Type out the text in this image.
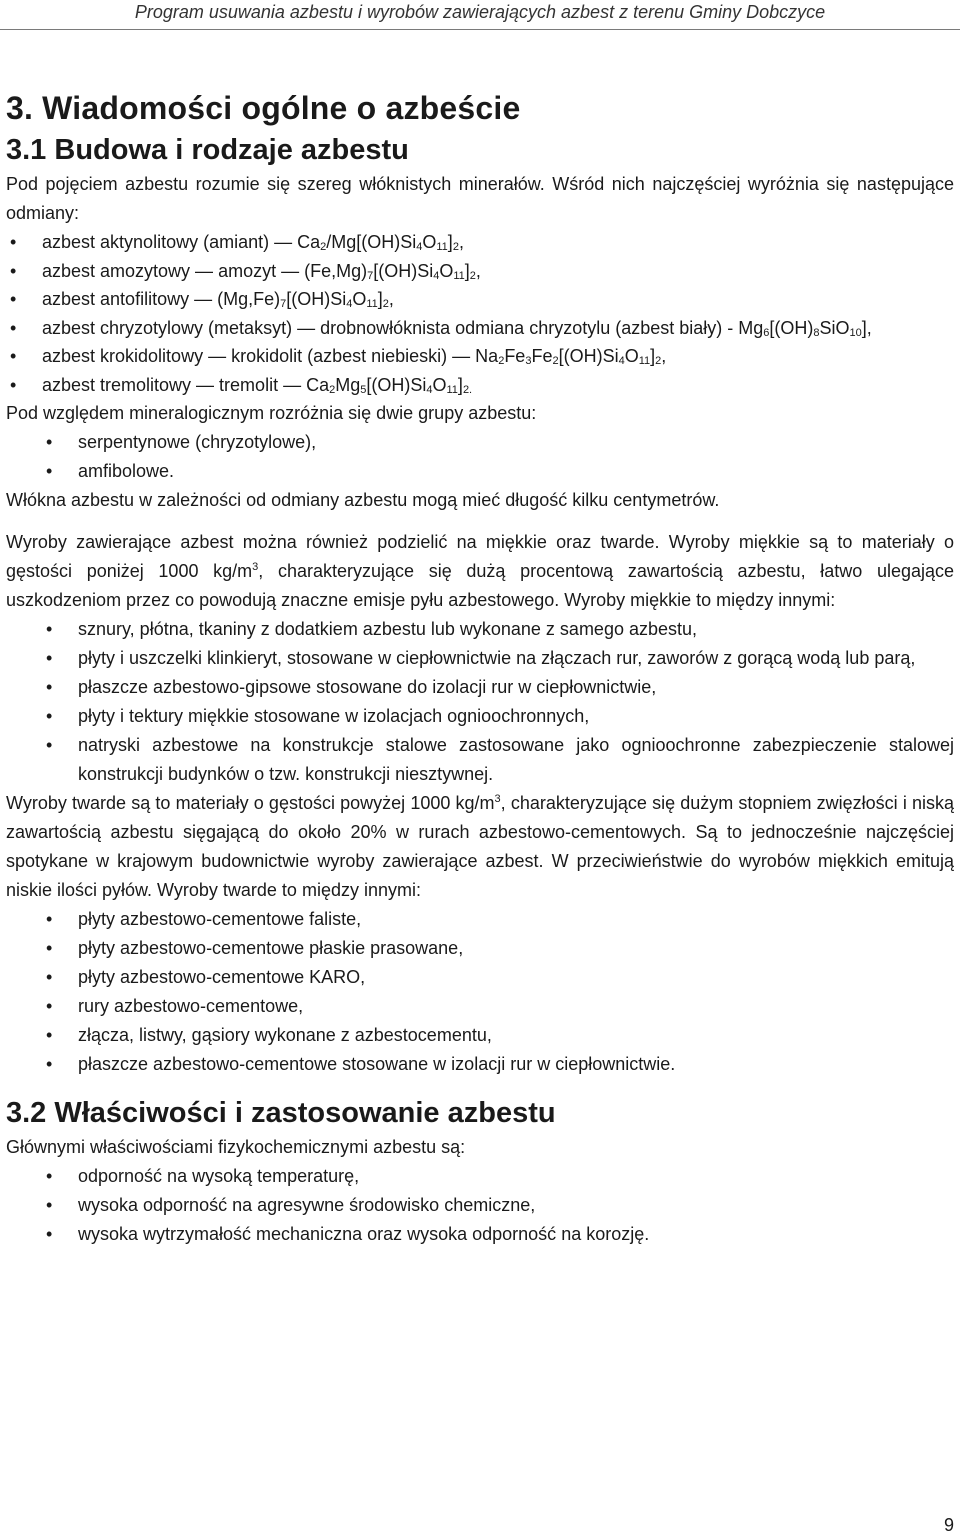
Program usuwania azbestu i wyrobów zawierających azbest z terenu Gminy Dobczyce
3. Wiadomości ogólne o azbeście
3.1 Budowa i rodzaje azbestu

Pod pojęciem azbestu rozumie się szereg włóknistych minerałów. Wśród nich najczęściej wyróżnia się następujące odmiany:

• azbest aktynolitowy (amiant) — $Ca_2/Mg[(OH)Si_4O_{11}]_2$,
• azbest amozytowy — amozyt — $(Fe,Mg)_7[(OH)Si_4O_{11}]_2$,
• azbest antofilitowy — $(Mg,Fe)_7[(OH)Si_4O_{11}]_2$,
• azbest chryzotylowy (metaksyt) — drobnowłóknista odmiana chryzotylu (azbest biały) - $Mg_6[(OH)_8SiO_{10}]$,
• azbest krokidolitowy — krokidolit (azbest niebieski) — $Na_2Fe_3Fe_2[(OH)Si_4O_{11}]_2$,
• azbest tremolitowy — tremolit — $Ca_2Mg_5[(OH)Si_4O_{11}]_{2.}$

Pod względem mineralogicznym rozróżnia się dwie grupy azbestu:

• serpentynowe (chryzotylowe),
• amfibolowe.

Włókna azbestu w zależności od odmiany azbestu mogą mieć długość kilku centymetrów.

Wyroby zawierające azbest można również podzielić na miękkie oraz twarde. Wyroby miękkie są to materiały o gęstości poniżej 1000 $kg/m^3$, charakteryzujące się dużą procentową zawartością azbestu, łatwo ulegające uszkodzeniom przez co powodują znaczne emisje pyłu azbestowego. Wyroby miękkie to między innymi:

• sznury, płótna, tkaniny z dodatkiem azbestu lub wykonane z samego azbestu,
• płyty i uszczelki klinkieryt, stosowane w ciepłownictwie na złączach rur, zaworów z gorącą wodą lub parą,
• płaszcze azbestowo-gipsowe stosowane do izolacji rur w ciepłownictwie,
• płyty i tektury miękkie stosowane w izolacjach ognioochronnych,
• natryski azbestowe na konstrukcje stalowe zastosowane jako ognioochronne zabezpieczenie stalowej konstrukcji budynków o tzw. konstrukcji niesztywnej.

Wyroby twarde są to materiały o gęstości powyżej 1000 $kg/m^3$, charakteryzujące się dużym stopniem zwięzłości i niską zawartością azbestu sięgającą do około 20% w rurach azbestowo-cementowych. Są to jednocześnie najczęściej spotykane w krajowym budownictwie wyroby zawierające azbest. W przeciwieństwie do wyrobów miękkich emitują niskie ilości pyłów. Wyroby twarde to między innymi:

• płyty azbestowo-cementowe faliste,
• płyty azbestowo-cementowe płaskie prasowane,
• płyty azbestowo-cementowe KARO,
• rury azbestowo-cementowe,
• złącza, listwy, gąsiory wykonane z azbestocementu,
• płaszcze azbestowo-cementowe stosowane w izolacji rur w ciepłownictwie.
3.2 Właściwości i zastosowanie azbestu

Głównymi właściwościami fizykochemicznymi azbestu są:

• odporność na wysoką temperaturę,
• wysoka odporność na agresywne środowisko chemiczne,
• wysoka wytrzymałość mechaniczna oraz wysoka odporność na korozję.
9
